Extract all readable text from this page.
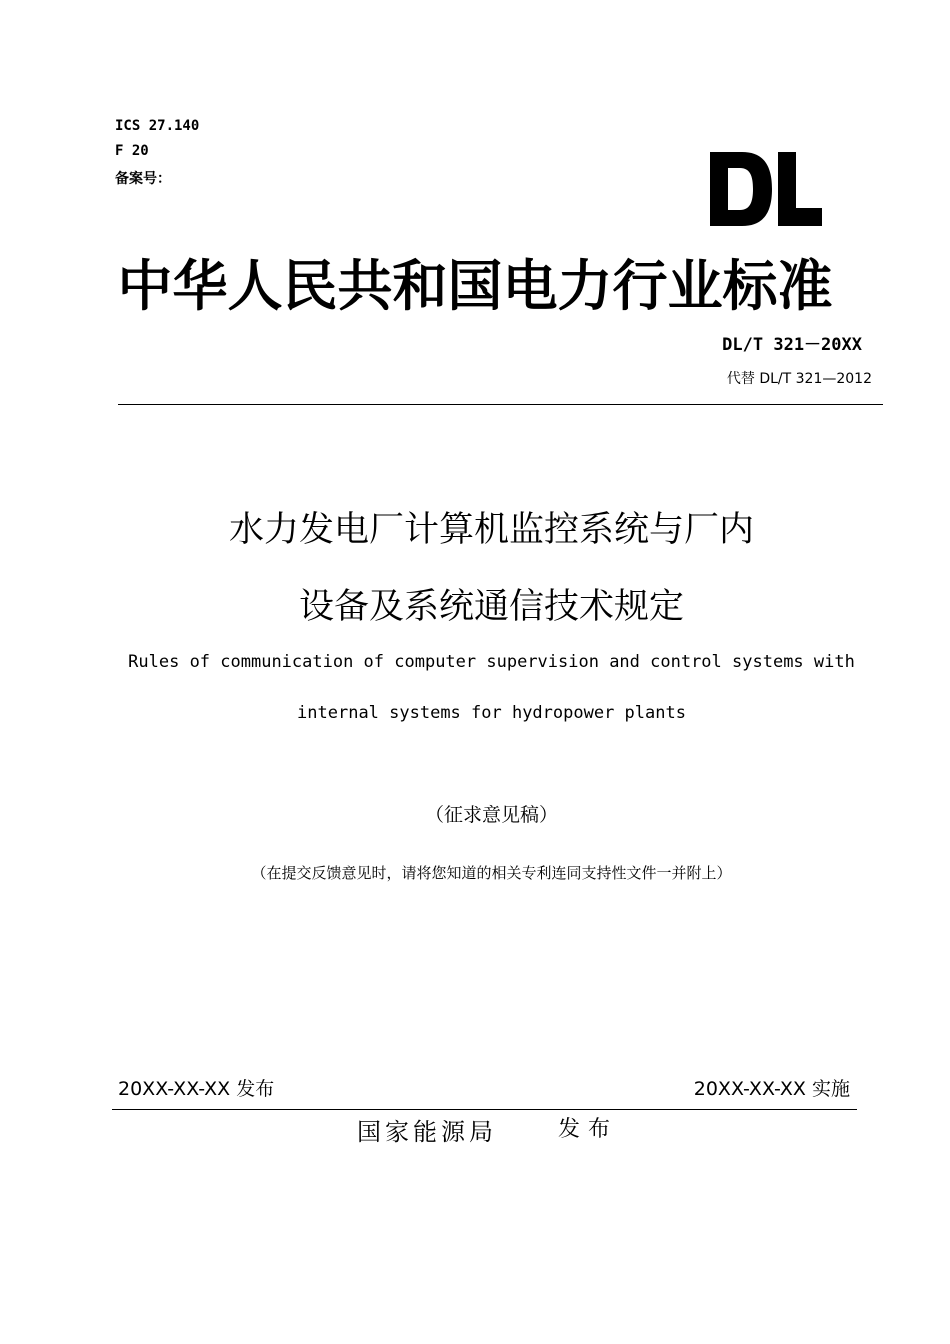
ICS 27.140
F 20
备案号：
中华人民共和国电力行业标准
DL/T 321－20XX
代替 DL/T 321—2012
水力发电厂计算机监控系统与厂内
设备及系统通信技术规定
Rules of communication of computer supervision and control systems with
internal systems for hydropower plants
（征求意见稿）
（在提交反馈意见时，请将您知道的相关专利连同支持性文件一并附上）
20XX-XX-XX 发布	20XX-XX-XX 实施
国家能源局	发布
